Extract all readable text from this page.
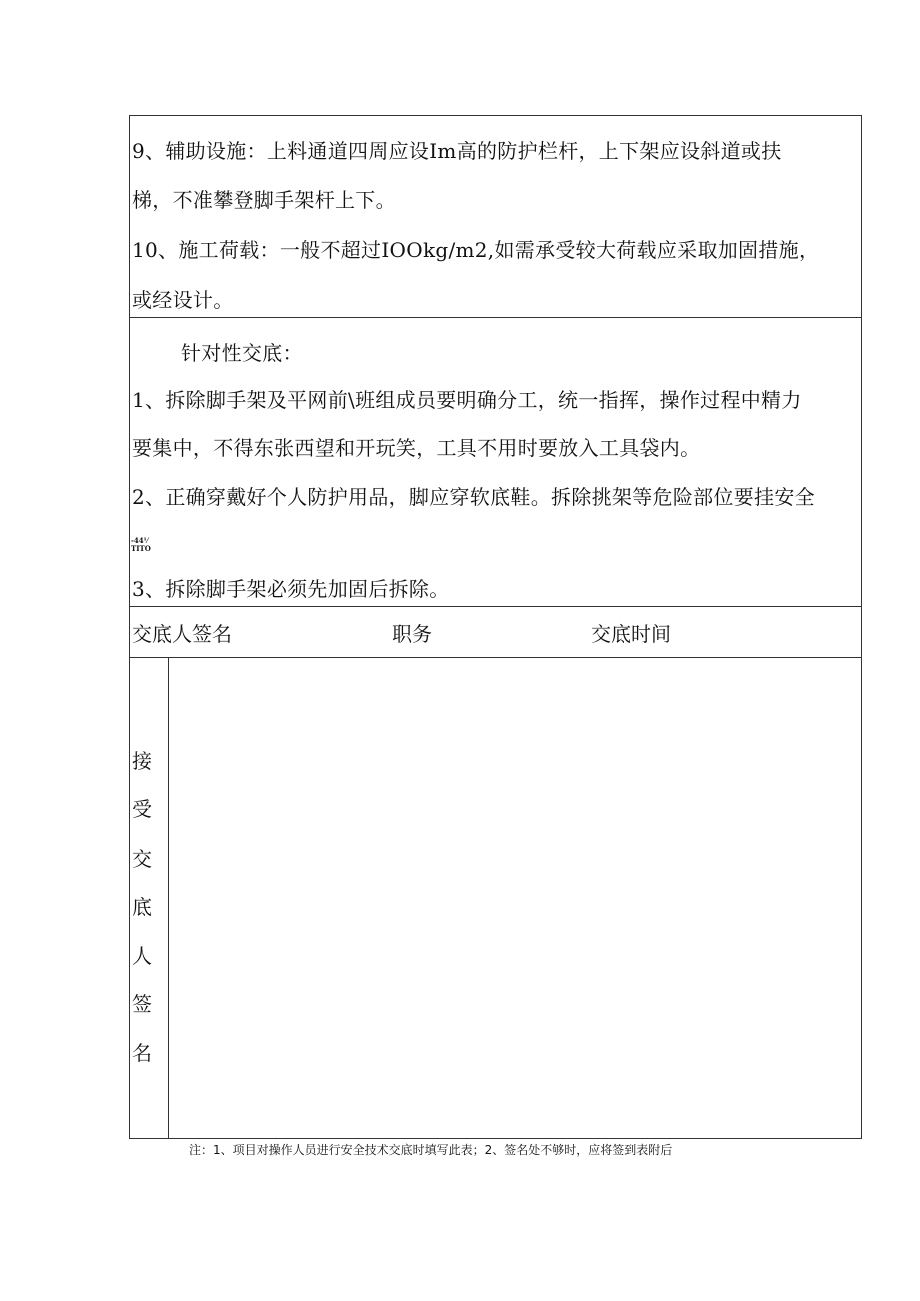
9、辅助设施：上料通道四周应设Im高的防护栏杆，上下架应设斜道或扶
梯，不准攀登脚手架杆上下。
10、施工荷载：一般不超过IOOkg/m2,如需承受较大荷载应采取加固措施，
或经设计。
针对性交底：
1、拆除脚手架及平网前\班组成员要明确分工，统一指挥，操作过程中精力
要集中，不得东张西望和开玩笑，工具不用时要放入工具袋内。
2、正确穿戴好个人防护用品，脚应穿软底鞋。拆除挑架等危险部位要挂安全
-44⅟
TITO
3、拆除脚手架必须先加固后拆除。
交底人签名	职务	交底时间
接
受
交
底
人
签
名
注：1、项目对操作人员进行安全技术交底时填写此表；2、签名处不够时，应将签到表附后
